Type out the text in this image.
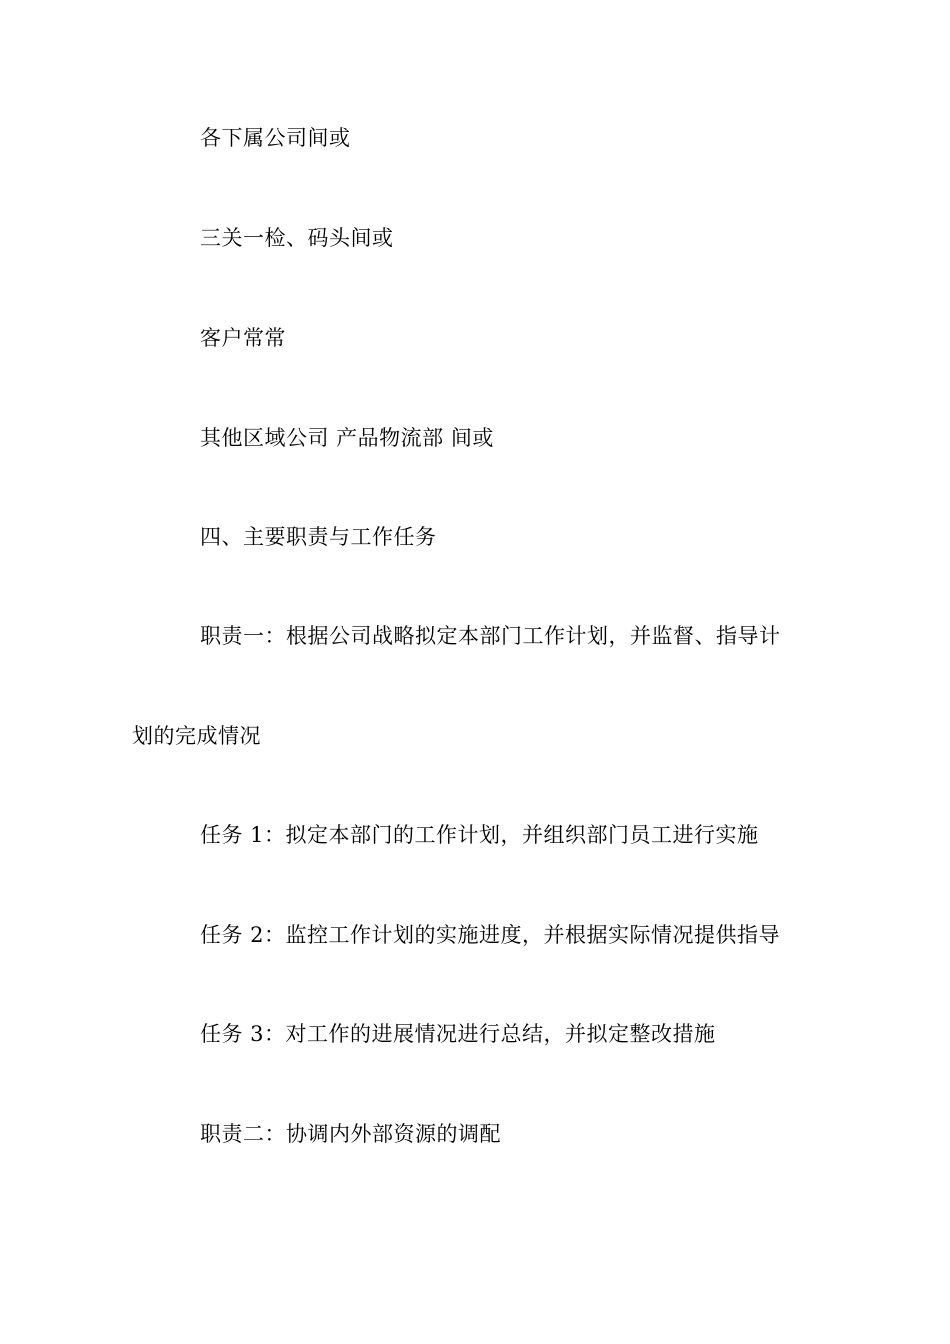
各下属公司间或
三关一检、码头间或
客户常常
其他区域公司 产品物流部 间或
四、主要职责与工作任务
职责一：根据公司战略拟定本部门工作计划，并监督、指导计
划的完成情况
任务 1：拟定本部门的工作计划，并组织部门员工进行实施
任务 2：监控工作计划的实施进度，并根据实际情况提供指导
任务 3：对工作的进展情况进行总结，并拟定整改措施
职责二：协调内外部资源的调配
